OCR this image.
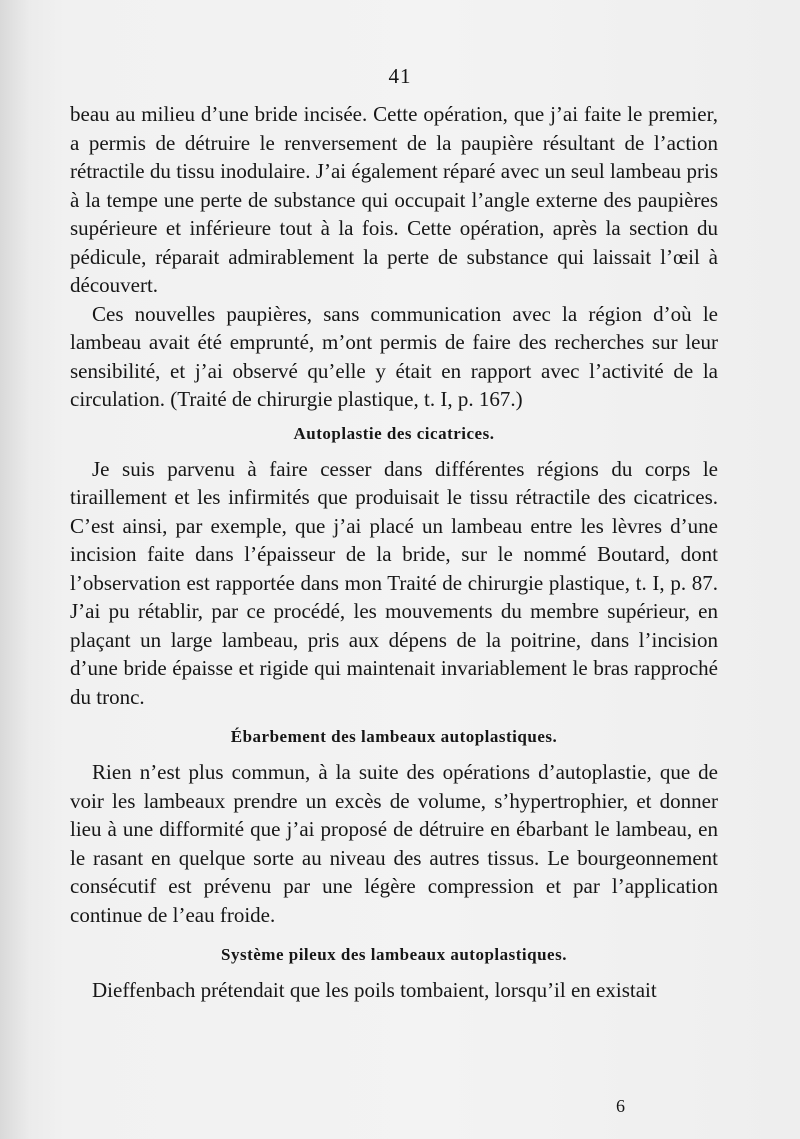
41

beau au milieu d’une bride incisée. Cette opération, que j’ai faite le premier, a permis de détruire le renversement de la paupière résultant de l’action rétractile du tissu inodulaire. J’ai également réparé avec un seul lambeau pris à la tempe une perte de substance qui occupait l’angle externe des paupières supérieure et inférieure tout à la fois. Cette opération, après la section du pédicule, réparait admirablement la perte de substance qui laissait l’œil à découvert.

Ces nouvelles paupières, sans communication avec la région d’où le lambeau avait été emprunté, m’ont permis de faire des recherches sur leur sensibilité, et j’ai observé qu’elle y était en rapport avec l’activité de la circulation. (Traité de chirurgie plastique, t. I, p. 167.)

Autoplastie des cicatrices.

Je suis parvenu à faire cesser dans différentes régions du corps le tiraillement et les infirmités que produisait le tissu rétractile des cicatrices. C’est ainsi, par exemple, que j’ai placé un lambeau entre les lèvres d’une incision faite dans l’épaisseur de la bride, sur le nommé Boutard, dont l’observation est rapportée dans mon Traité de chirurgie plastique, t. I, p. 87. J’ai pu rétablir, par ce procédé, les mouvements du membre supérieur, en plaçant un large lambeau, pris aux dépens de la poitrine, dans l’incision d’une bride épaisse et rigide qui maintenait invariablement le bras rapproché du tronc.

Ébarbement des lambeaux autoplastiques.

Rien n’est plus commun, à la suite des opérations d’autoplastie, que de voir les lambeaux prendre un excès de volume, s’hypertrophier, et donner lieu à une difformité que j’ai proposé de détruire en ébarbant le lambeau, en le rasant en quelque sorte au niveau des autres tissus. Le bourgeonnement consécutif est prévenu par une légère compression et par l’application continue de l’eau froide.

Système pileux des lambeaux autoplastiques.

Dieffenbach prétendait que les poils tombaient, lorsqu’il en existait

6
